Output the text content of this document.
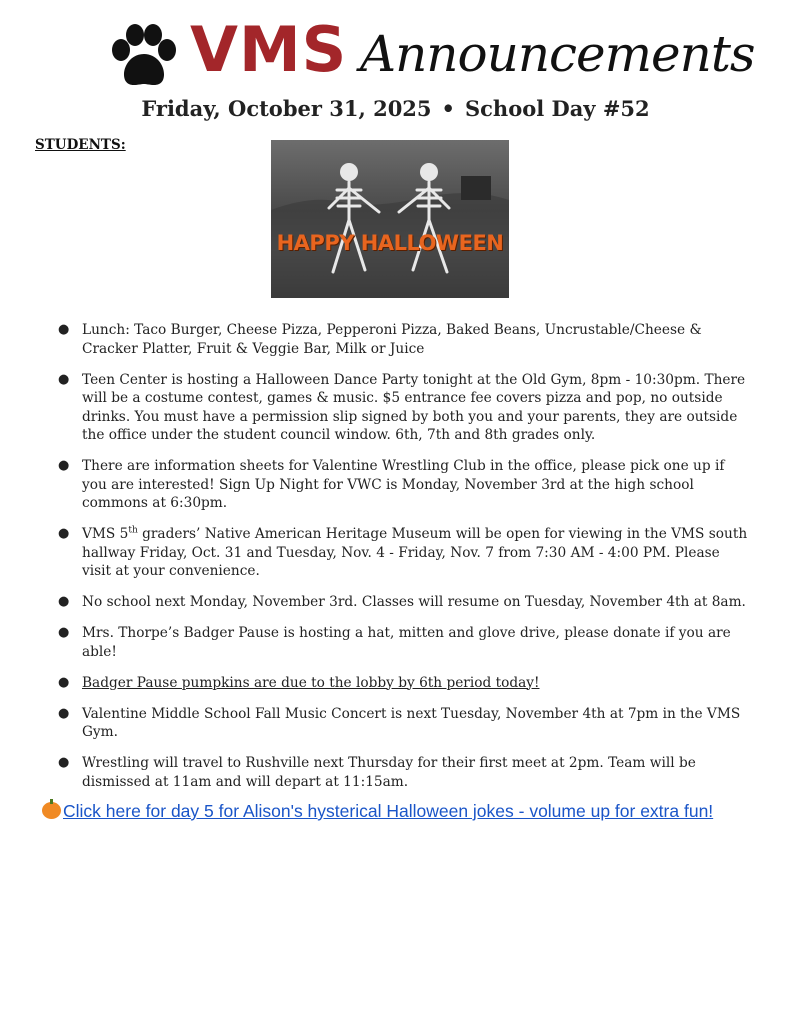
VMS Announcements
Friday, October 31, 2025 • School Day #52
STUDENTS:
HAPPY HALLOWEEN
● Lunch: Taco Burger, Cheese Pizza, Pepperoni Pizza, Baked Beans, Uncrustable/Cheese & Cracker Platter, Fruit & Veggie Bar, Milk or Juice
● Teen Center is hosting a Halloween Dance Party tonight at the Old Gym, 8pm - 10:30pm. There will be a costume contest, games & music. $5 entrance fee covers pizza and pop, no outside drinks. You must have a permission slip signed by both you and your parents, they are outside the office under the student council window. 6th, 7th and 8th grades only.
● There are information sheets for Valentine Wrestling Club in the office, please pick one up if you are interested! Sign Up Night for VWC is Monday, November 3rd at the high school commons at 6:30pm.
● VMS 5th graders’ Native American Heritage Museum will be open for viewing in the VMS south hallway Friday, Oct. 31 and Tuesday, Nov. 4 - Friday, Nov. 7 from 7:30 AM - 4:00 PM. Please visit at your convenience.
● No school next Monday, November 3rd. Classes will resume on Tuesday, November 4th at 8am.
● Mrs. Thorpe’s Badger Pause is hosting a hat, mitten and glove drive, please donate if you are able!
● Badger Pause pumpkins are due to the lobby by 6th period today!
● Valentine Middle School Fall Music Concert is next Tuesday, November 4th at 7pm in the VMS Gym.
● Wrestling will travel to Rushville next Thursday for their first meet at 2pm. Team will be dismissed at 11am and will depart at 11:15am.
Click here for day 5 for Alison's hysterical Halloween jokes - volume up for extra fun!
